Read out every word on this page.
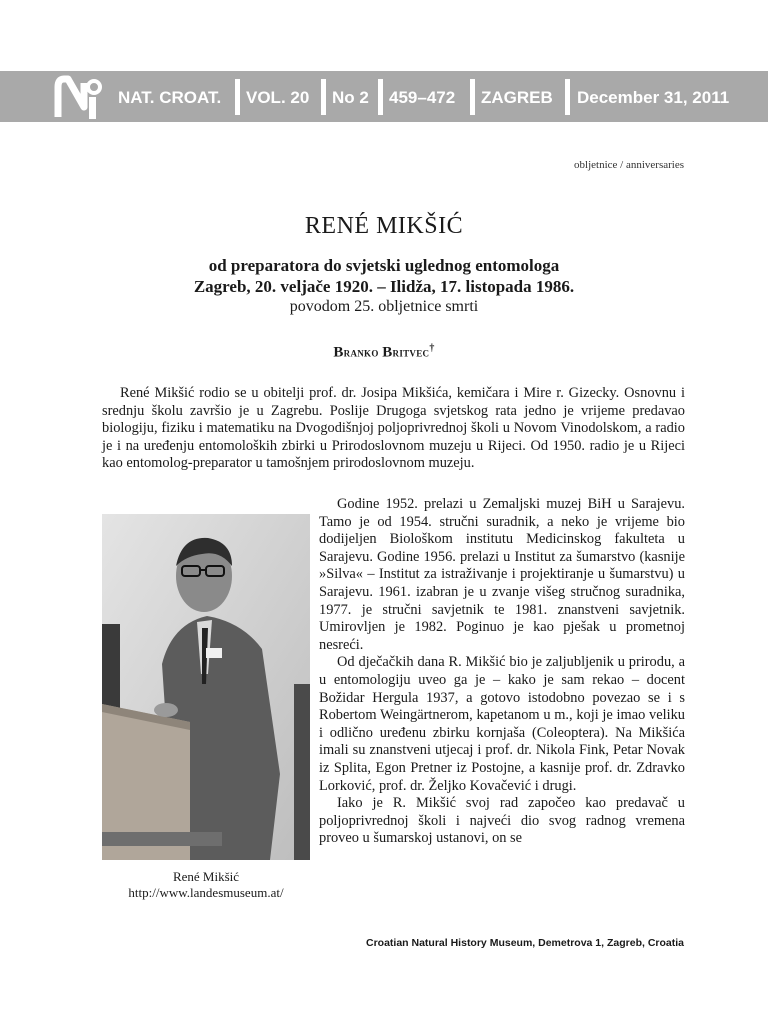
NAT. CROAT. VOL. 20 No 2 459–472 ZAGREB December 31, 2011
obljetnice / anniversaries
RENÉ MIKŠIĆ
od preparatora do svjetski uglednog entomologa
Zagreb, 20. veljače 1920. – Ilidža, 17. listopada 1986.
povodom 25. obljetnice smrti
Branko Britvec†

René Mikšić rodio se u obitelji prof. dr. Josipa Mikšića, kemičara i Mire r. Gizecky. Osnovnu i srednju školu završio je u Zagrebu. Poslije Drugoga svjetskog rata jedno je vrijeme predavao biologiju, fiziku i matematiku na Dvogodišnjoj poljoprivrednoj školi u Novom Vinodolskom, a radio je i na uređenju entomoloških zbirki u Prirodoslovnom muzeju u Rijeci. Od 1950. radio je u Rijeci kao entomolog-preparator u tamošnjem prirodoslovnom muzeju.

René Mikšić
http://www.landesmuseum.at/

Godine 1952. prelazi u Zemaljski muzej BiH u Sarajevu. Tamo je od 1954. stručni suradnik, a neko je vrijeme bio dodijeljen Biološkom institutu Medicinskog fakulteta u Sarajevu. Godine 1956. prelazi u Institut za šumarstvo (kasnije »Silva« – Institut za istraživanje i projektiranje u šumarstvu) u Sarajevu. 1961. izabran je u zvanje višeg stručnog suradnika, 1977. je stručni savjetnik te 1981. znanstveni savjetnik. Umirovljen je 1982. Poginuo je kao pješak u prometnoj nesreći.

Od dječačkih dana R. Mikšić bio je zaljubljenik u prirodu, a u entomologiju uveo ga je – kako je sam rekao – docent Božidar Hergula 1937, a gotovo istodobno povezao se i s Robertom Weingärtnerom, kapetanom u m., koji je imao veliku i odlično uređenu zbirku kornjaša (Coleoptera). Na Mikšića imali su znanstveni utjecaj i prof. dr. Nikola Fink, Petar Novak iz Splita, Egon Pretner iz Postojne, a kasnije prof. dr. Zdravko Lorković, prof. dr. Željko Kovačević i drugi.

Iako je R. Mikšić svoj rad započeo kao predavač u poljoprivrednoj školi i najveći dio svog radnog vremena proveo u šumarskoj ustanovi, on se

Croatian Natural History Museum, Demetrova 1, Zagreb, Croatia
